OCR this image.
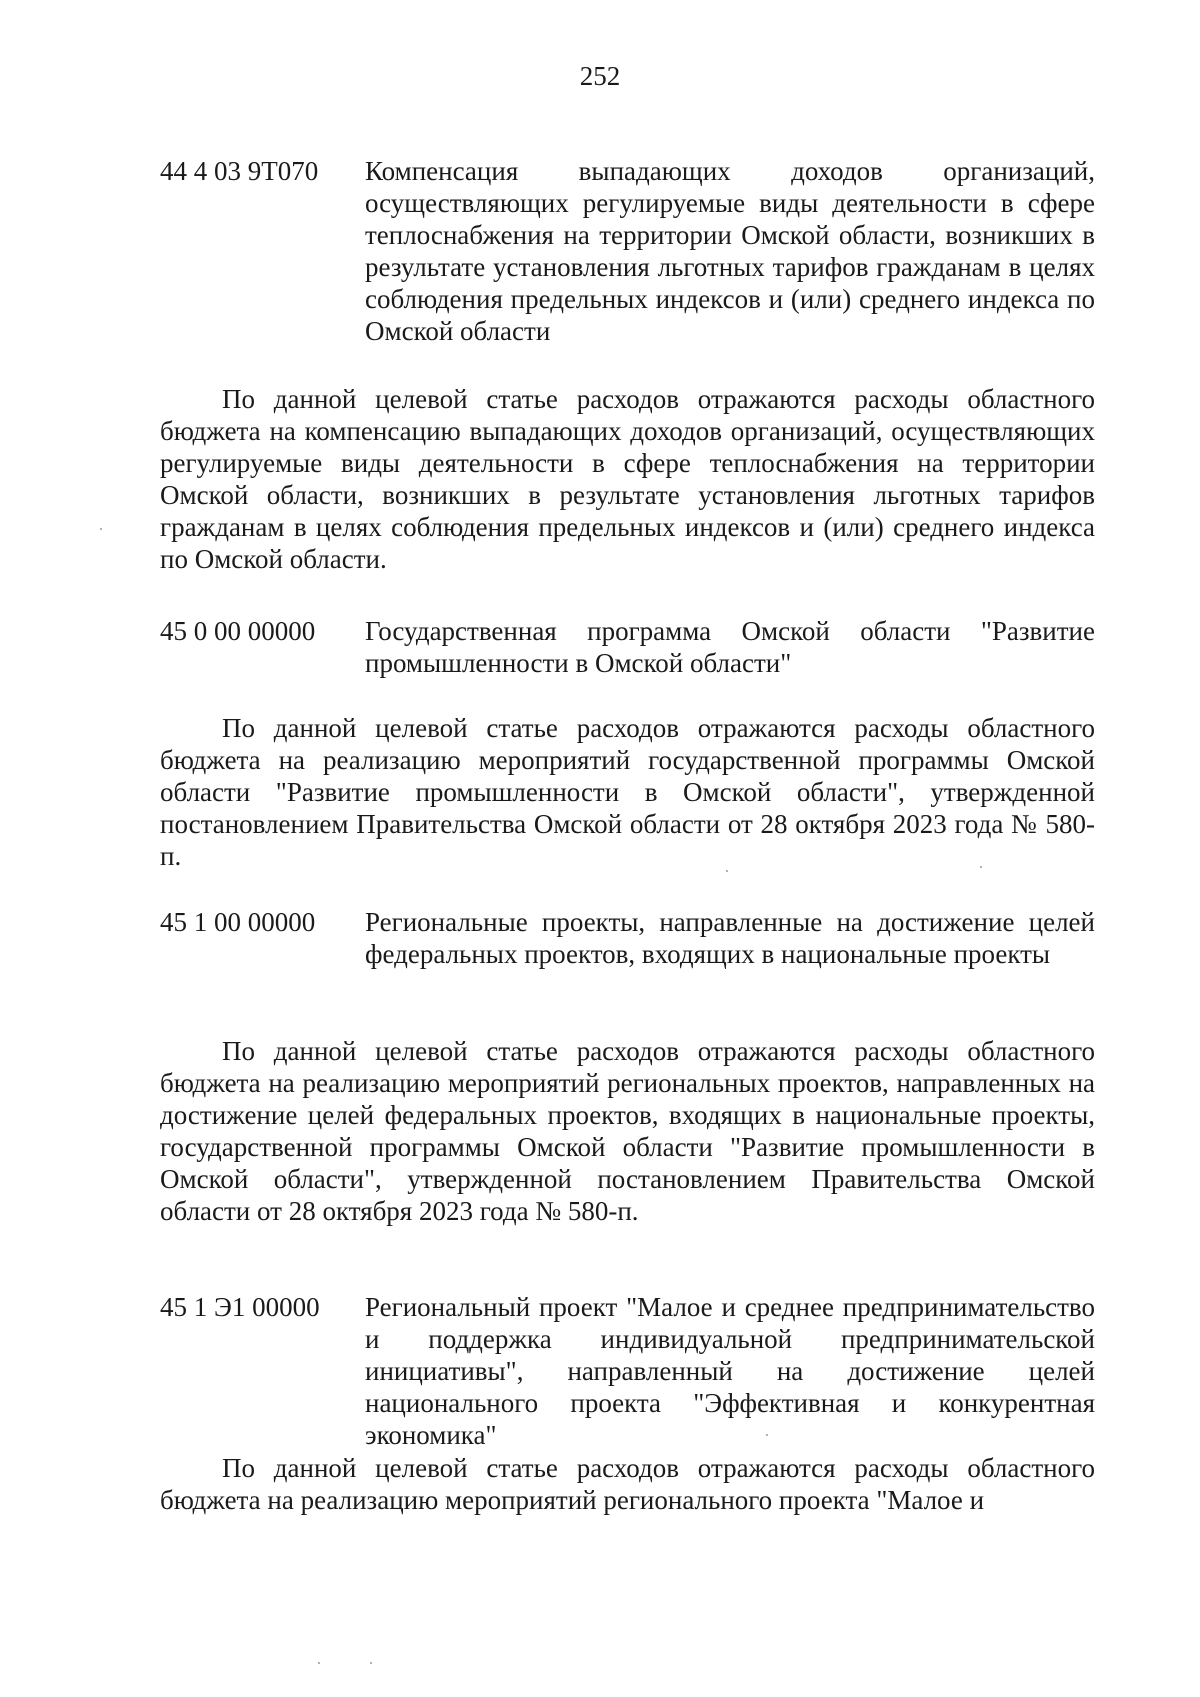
252
44 4 03 9Т070 Компенсация выпадающих доходов организаций, осуществляющих регулируемые виды деятельности в сфере теплоснабжения на территории Омской области, возникших в результате установления льготных тарифов гражданам в целях соблюдения предельных индексов и (или) среднего индекса по Омской области
По данной целевой статье расходов отражаются расходы областного бюджета на компенсацию выпадающих доходов организаций, осуществляющих регулируемые виды деятельности в сфере теплоснабжения на территории Омской области, возникших в результате установления льготных тарифов гражданам в целях соблюдения предельных индексов и (или) среднего индекса по Омской области.
45 0 00 00000 Государственная программа Омской области "Развитие промышленности в Омской области"
По данной целевой статье расходов отражаются расходы областного бюджета на реализацию мероприятий государственной программы Омской области "Развитие промышленности в Омской области", утвержденной постановлением Правительства Омской области от 28 октября 2023 года № 580-п.
45 1 00 00000 Региональные проекты, направленные на достижение целей федеральных проектов, входящих в национальные проекты
По данной целевой статье расходов отражаются расходы областного бюджета на реализацию мероприятий региональных проектов, направленных на достижение целей федеральных проектов, входящих в национальные проекты, государственной программы Омской области "Развитие промышленности в Омской области", утвержденной постановлением Правительства Омской области от 28 октября 2023 года № 580-п.
45 1 Э1 00000 Региональный проект "Малое и среднее предпринимательство и поддержка индивидуальной предпринимательской инициативы", направленный на достижение целей национального проекта "Эффективная и конкурентная экономика"
По данной целевой статье расходов отражаются расходы областного бюджета на реализацию мероприятий регионального проекта "Малое и
